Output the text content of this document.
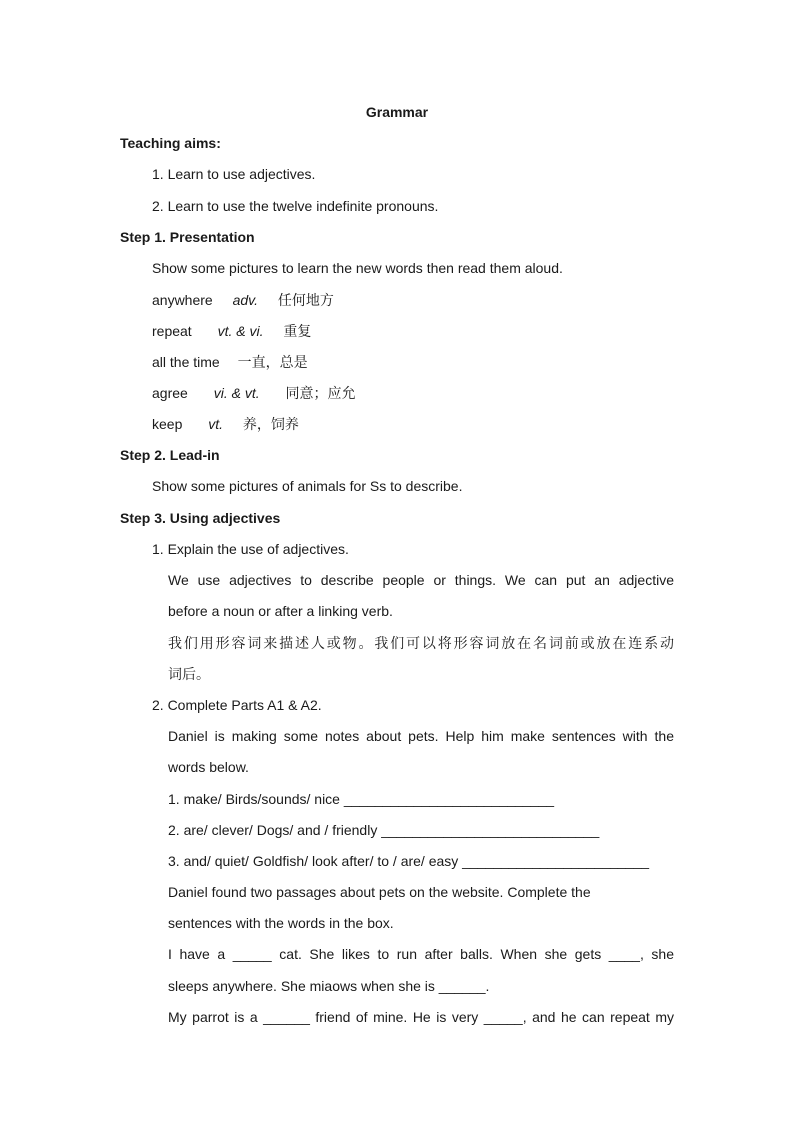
Grammar
Teaching aims:
1. Learn to use adjectives.
2. Learn to use the twelve indefinite pronouns.
Step 1. Presentation
Show some pictures to learn the new words then read them aloud.
anywhere adv. 任何地方
repeat vt. & vi. 重复
all the time 一直，总是
agree vi. & vt. 同意；应允
keep vt. 养，饲养
Step 2. Lead-in
Show some pictures of animals for Ss to describe.
Step 3. Using adjectives
1. Explain the use of adjectives.
We use adjectives to describe people or things. We can put an adjective
before a noun or after a linking verb.
我们用形容词来描述人或物。我们可以将形容词放在名词前或放在连系动
词后。
2. Complete Parts A1 & A2.
Daniel is making some notes about pets. Help him make sentences with the
words below.
1. make/ Birds/sounds/ nice ___________________________
2. are/ clever/ Dogs/ and / friendly ____________________________
3. and/ quiet/ Goldfish/ look after/ to / are/ easy ________________________
Daniel found two passages about pets on the website. Complete the
sentences with the words in the box.
I have a _____ cat. She likes to run after balls. When she gets ____, she
sleeps anywhere. She miaows when she is ______.
My parrot is a ______ friend of mine. He is very _____, and he can repeat my
